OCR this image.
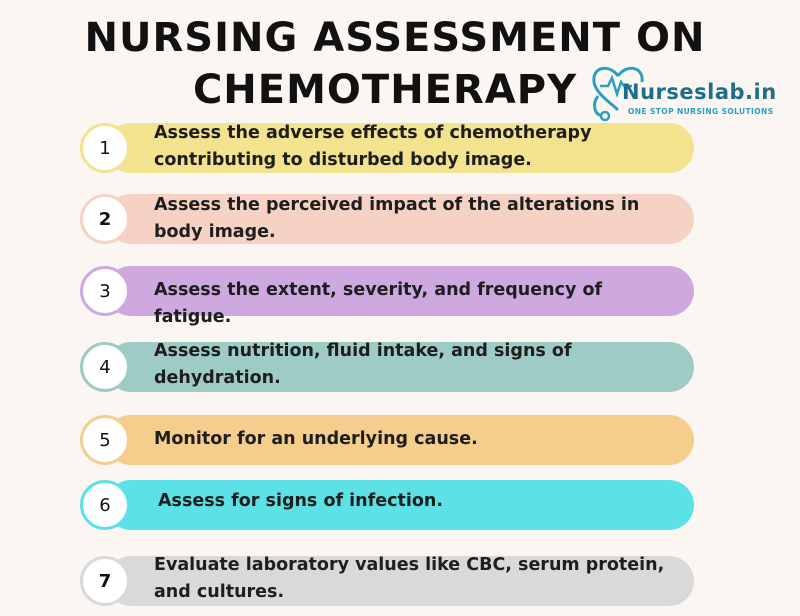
NURSING ASSESSMENT ON
CHEMOTHERAPY	Nurseslab.in
ONE STOP NURSING SOLUTIONS
Assess the adverse effects of chemotherapy contributing to disturbed body image.
1
Assess the perceived impact of the alterations in body image.
2
Assess the extent, severity, and frequency of fatigue.
3
Assess nutrition, fluid intake, and signs of dehydration.
4
Monitor for an underlying cause.
5
Assess for signs of infection.
6
Evaluate laboratory values like CBC, serum protein, and cultures.
7
